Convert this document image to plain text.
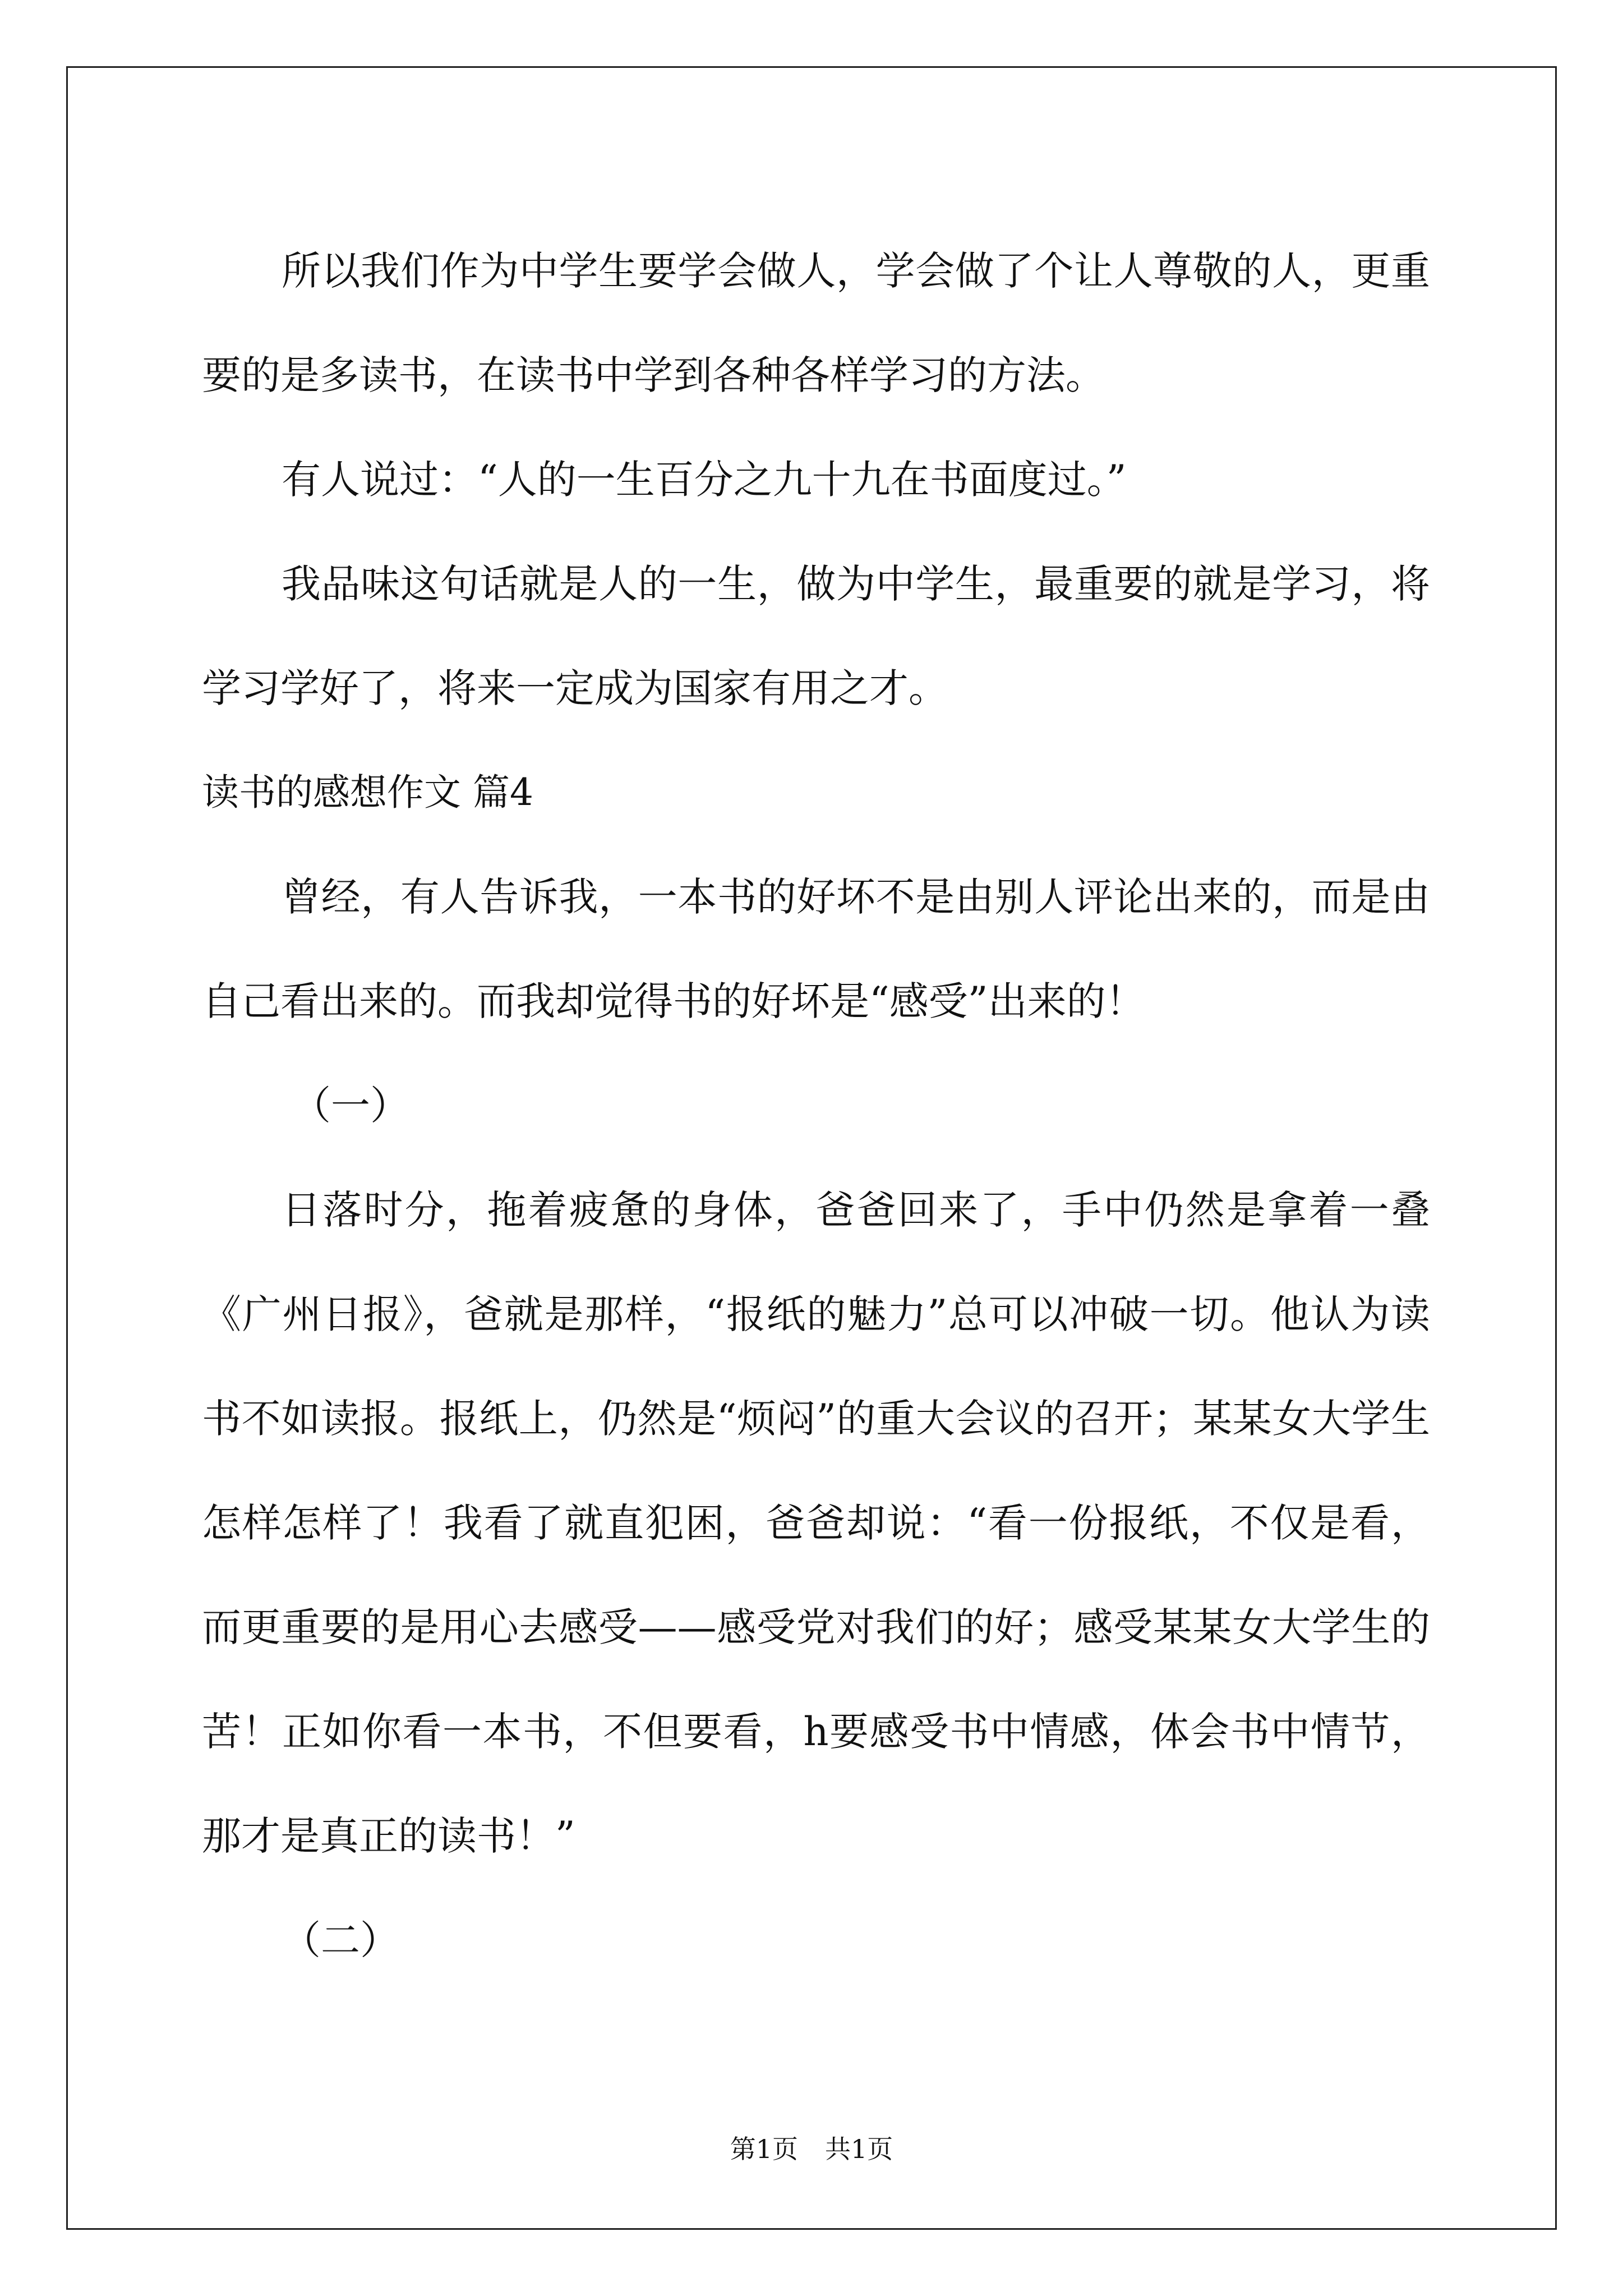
所以我们作为中学生要学会做人，学会做了个让人尊敬的人，更重要的是多读书，在读书中学到各种各样学习的方法。

有人说过：“人的一生百分之九十九在书面度过。”

我品味这句话就是人的一生，做为中学生，最重要的就是学习，将学习学好了，将来一定成为国家有用之才。

读书的感想作文 篇4

曾经，有人告诉我，一本书的好坏不是由别人评论出来的，而是由自己看出来的。而我却觉得书的好坏是“感受”出来的！

（一）

日落时分，拖着疲惫的身体，爸爸回来了，手中仍然是拿着一叠《广州日报》，爸就是那样，“报纸的魅力”总可以冲破一切。他认为读书不如读报。报纸上，仍然是“烦闷”的重大会议的召开；某某女大学生怎样怎样了！我看了就直犯困，爸爸却说：“看一份报纸，不仅是看，而更重要的是用心去感受——感受党对我们的好；感受某某女大学生的苦！正如你看一本书，不但要看，h要感受书中情感，体会书中情节，那才是真正的读书！”

（二）

第1页 共1页
